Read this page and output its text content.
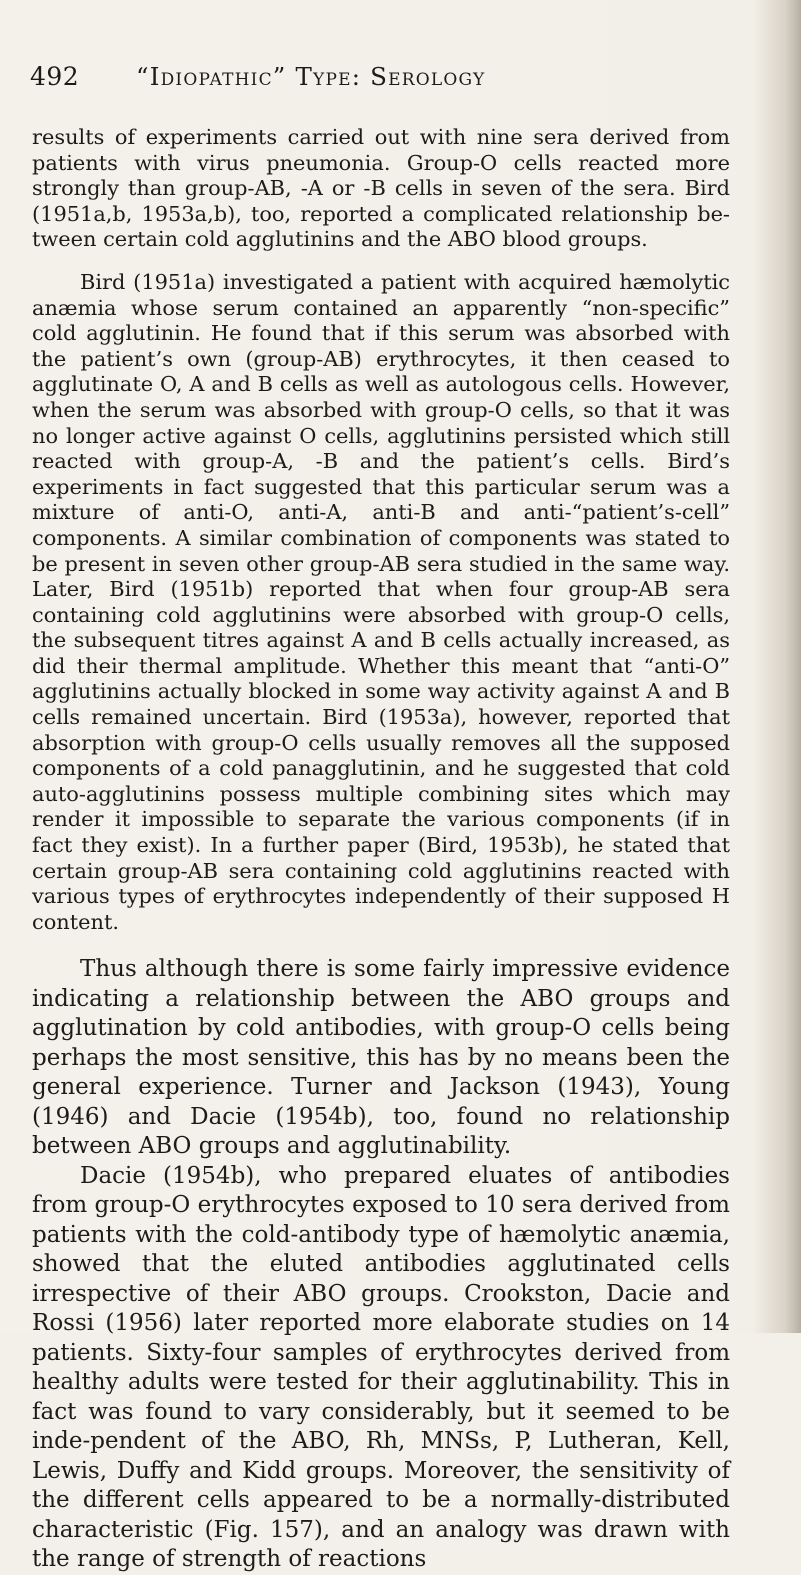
492 “Idiopathic” Type: Serology

results of experiments carried out with nine sera derived from patients with virus pneumonia. Group-O cells reacted more strongly than group-AB, -A or -B cells in seven of the sera. Bird (1951a,b, 1953a,b), too, reported a complicated relationship be-tween certain cold agglutinins and the ABO blood groups.

Bird (1951a) investigated a patient with acquired hæmolytic anæmia whose serum contained an apparently “non-specific” cold agglutinin. He found that if this serum was absorbed with the patient’s own (group-AB) erythrocytes, it then ceased to agglutinate O, A and B cells as well as autologous cells. However, when the serum was absorbed with group-O cells, so that it was no longer active against O cells, agglutinins persisted which still reacted with group-A, -B and the patient’s cells. Bird’s experiments in fact suggested that this particular serum was a mixture of anti-O, anti-A, anti-B and anti-“patient’s-cell” components. A similar combination of components was stated to be present in seven other group-AB sera studied in the same way. Later, Bird (1951b) reported that when four group-AB sera containing cold agglutinins were absorbed with group-O cells, the subsequent titres against A and B cells actually increased, as did their thermal amplitude. Whether this meant that “anti-O” agglutinins actually blocked in some way activity against A and B cells remained uncertain. Bird (1953a), however, reported that absorption with group-O cells usually removes all the supposed components of a cold panagglutinin, and he suggested that cold auto-agglutinins possess multiple combining sites which may render it impossible to separate the various components (if in fact they exist). In a further paper (Bird, 1953b), he stated that certain group-AB sera containing cold agglutinins reacted with various types of erythrocytes independently of their supposed H content.

Thus although there is some fairly impressive evidence indicating a relationship between the ABO groups and agglutination by cold antibodies, with group-O cells being perhaps the most sensitive, this has by no means been the general experience. Turner and Jackson (1943), Young (1946) and Dacie (1954b), too, found no relationship between ABO groups and agglutinability.

Dacie (1954b), who prepared eluates of antibodies from group-O erythrocytes exposed to 10 sera derived from patients with the cold-antibody type of hæmolytic anæmia, showed that the eluted antibodies agglutinated cells irrespective of their ABO groups. Crookston, Dacie and Rossi (1956) later reported more elaborate studies on 14 patients. Sixty-four samples of erythrocytes derived from healthy adults were tested for their agglutinability. This in fact was found to vary considerably, but it seemed to be inde-pendent of the ABO, Rh, MNSs, P, Lutheran, Kell, Lewis, Duffy and Kidd groups. Moreover, the sensitivity of the different cells appeared to be a normally-distributed characteristic (Fig. 157), and an analogy was drawn with the range of strength of reactions
